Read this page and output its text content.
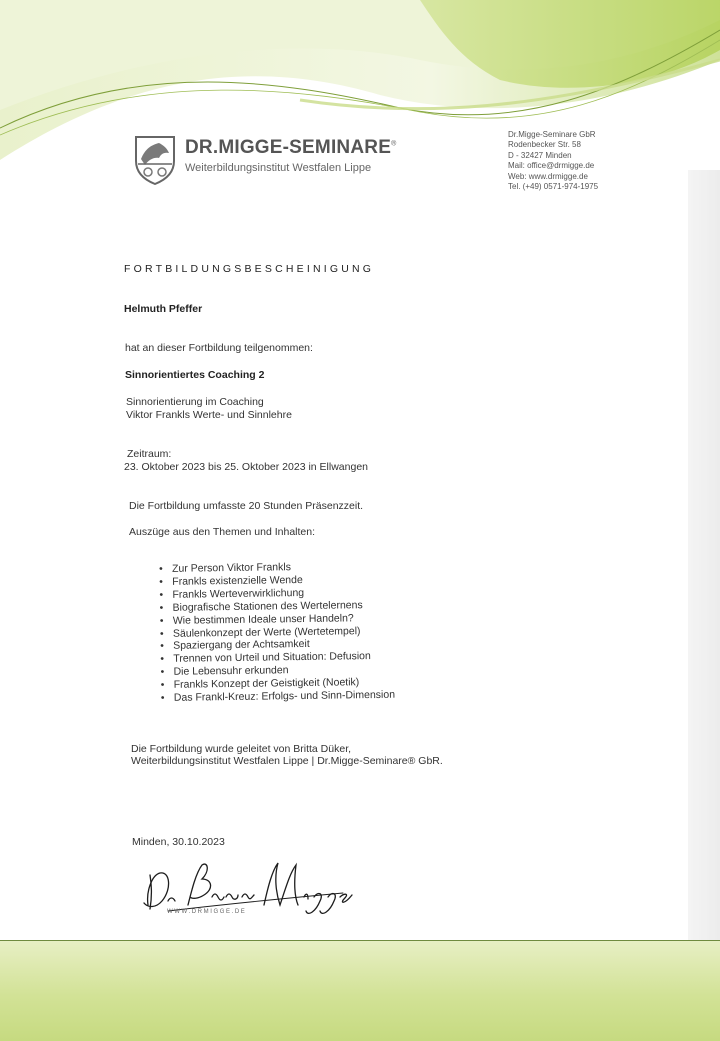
DR.MIGGE-SEMINARE®
Weiterbildungsinstitut Westfalen Lippe
Dr.Migge-Seminare GbR
Rodenbecker Str. 58
D - 32427 Minden
Mail: office@drmigge.de
Web: www.drmigge.de
Tel. (+49) 0571-974-1975
FORTBILDUNGSBESCHEINIGUNG
Helmuth Pfeffer
hat an dieser Fortbildung teilgenommen:
Sinnorientiertes Coaching 2
Sinnorientierung im Coaching
Viktor Frankls Werte- und Sinnlehre
Zeitraum:
23. Oktober 2023 bis 25. Oktober 2023 in Ellwangen
Die Fortbildung umfasste 20 Stunden Präsenzzeit.
Auszüge aus den Themen und Inhalten:
• Zur Person Viktor Frankls
• Frankls existenzielle Wende
• Frankls Werteverwirklichung
• Biografische Stationen des Wertelernens
• Wie bestimmen Ideale unser Handeln?
• Säulenkonzept der Werte (Wertetempel)
• Spaziergang der Achtsamkeit
• Trennen von Urteil und Situation: Defusion
• Die Lebensuhr erkunden
• Frankls Konzept der Geistigkeit (Noetik)
• Das Frankl-Kreuz: Erfolgs- und Sinn-Dimension
Die Fortbildung wurde geleitet von Britta Düker,
Weiterbildungsinstitut Westfalen Lippe | Dr.Migge-Seminare® GbR.
Minden, 30.10.2023
Dr. Björn Migge
WWW.DRMIGGE.DE
